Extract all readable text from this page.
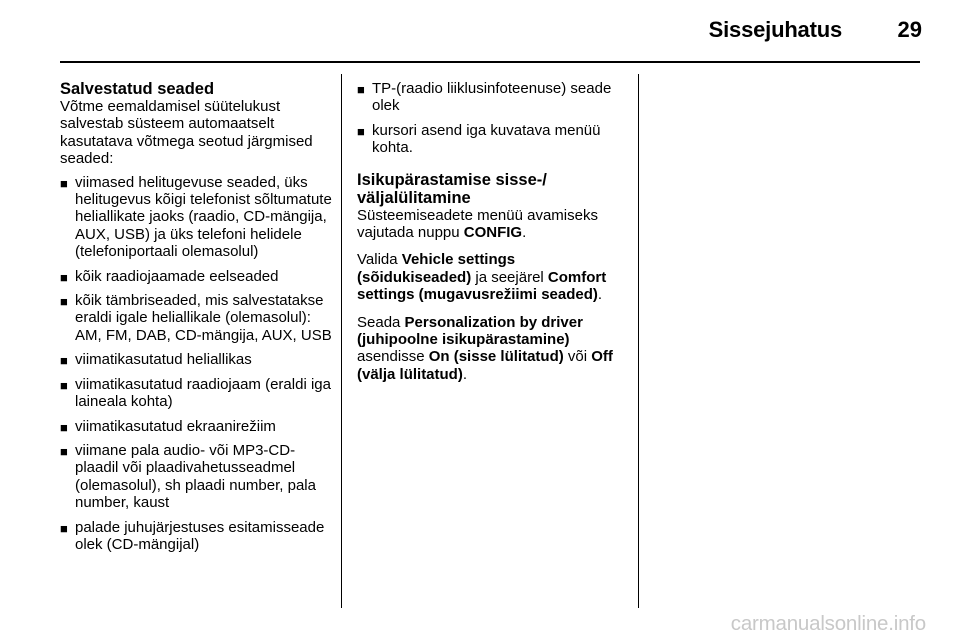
Sissejuhatus	29
Salvestatud seaded

Võtme eemaldamisel süütelukust salvestab süsteem automaatselt kasutatava võtmega seotud järgmised seaded:

■ viimased helitugevuse seaded, üks helitugevus kõigi telefonist sõltumatute heliallikate jaoks (raadio, CD-mängija, AUX, USB) ja üks telefoni helidele (telefoniportaali olemasolul)
■ kõik raadiojaamade eelseaded
■ kõik tämbriseaded, mis salvestatakse eraldi igale heliallikale (olemasolul): AM, FM, DAB, CD-mängija, AUX, USB
■ viimatikasutatud heliallikas
■ viimatikasutatud raadiojaam (eraldi iga laineala kohta)
■ viimatikasutatud ekraanirežiim
■ viimane pala audio- või MP3-CD-plaadil või plaadivahetusseadmel (olemasolul), sh plaadi number, pala number, kaust
■ palade juhujärjestuses esitamisseade olek (CD-mängijal)
■ TP-(raadio liiklusinfoteenuse) seade olek
■ kursori asend iga kuvatava menüü kohta.
Isikupärastamise sisse-/ väljalülitamine

Süsteemiseadete menüü avamiseks vajutada nuppu CONFIG.

Valida Vehicle settings (sõidukiseaded) ja seejärel Comfort settings (mugavusrežiimi seaded).

Seada Personalization by driver (juhipoolne isikupärastamine) asendisse On (sisse lülitatud) või Off (välja lülitatud).

carmanualsonline.info
